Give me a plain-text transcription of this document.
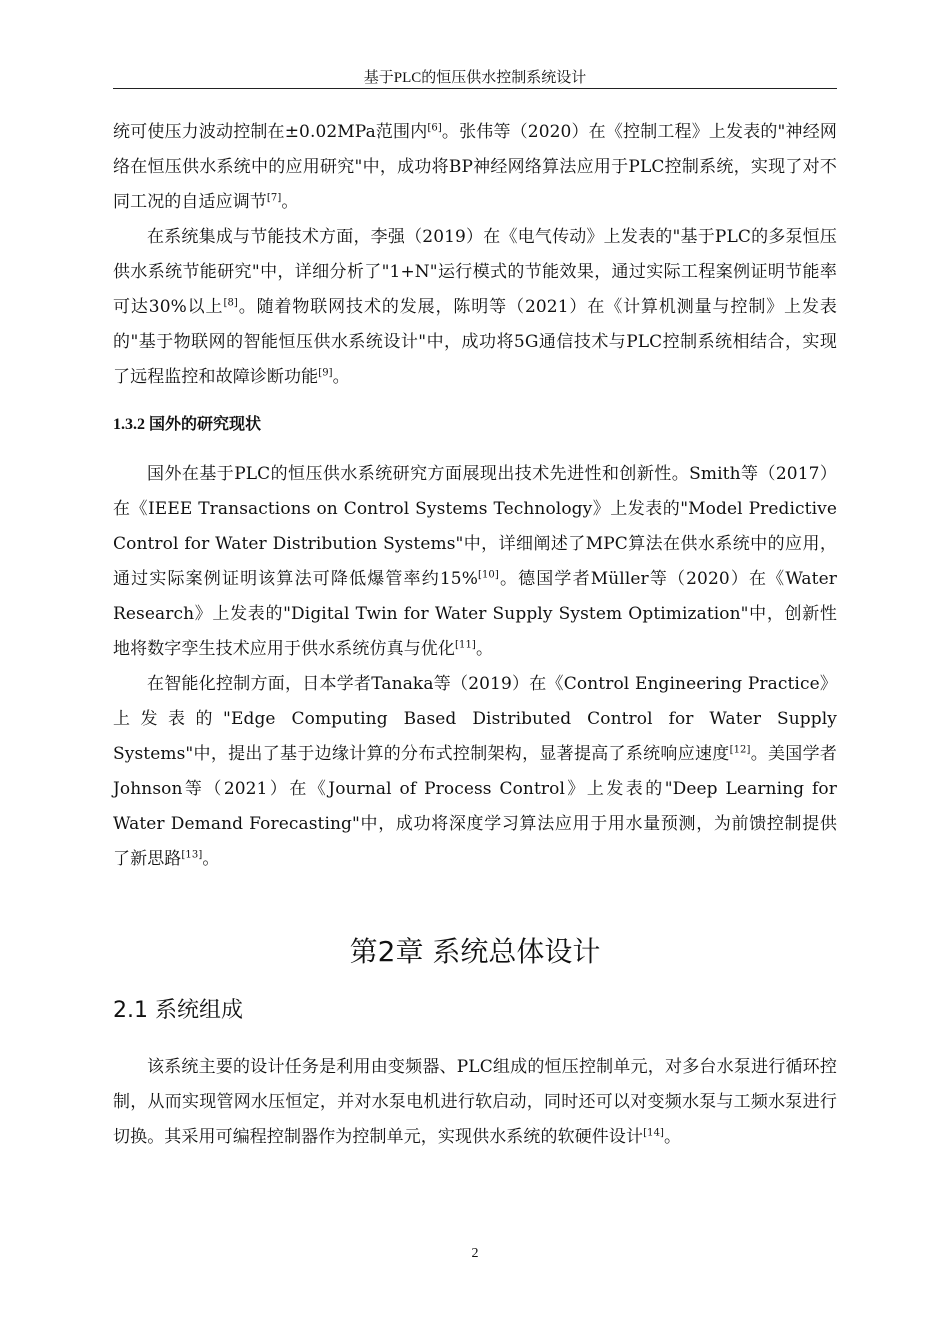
基于PLC的恒压供水控制系统设计

统可使压力波动控制在±0.02MPa范围内[6]。张伟等（2020）在《控制工程》上发表的"神经网络在恒压供水系统中的应用研究"中，成功将BP神经网络算法应用于PLC控制系统，实现了对不同工况的自适应调节[7]。

在系统集成与节能技术方面，李强（2019）在《电气传动》上发表的"基于PLC的多泵恒压供水系统节能研究"中，详细分析了"1+N"运行模式的节能效果，通过实际工程案例证明节能率可达30%以上[8]。随着物联网技术的发展，陈明等（2021）在《计算机测量与控制》上发表的"基于物联网的智能恒压供水系统设计"中，成功将5G通信技术与PLC控制系统相结合，实现了远程监控和故障诊断功能[9]。

1.3.2 国外的研究现状

国外在基于PLC的恒压供水系统研究方面展现出技术先进性和创新性。Smith等（2017）在《IEEE Transactions on Control Systems Technology》上发表的"Model Predictive Control for Water Distribution Systems"中，详细阐述了MPC算法在供水系统中的应用，通过实际案例证明该算法可降低爆管率约15%[10]。德国学者Müller等（2020）在《Water Research》上发表的"Digital Twin for Water Supply System Optimization"中，创新性地将数字孪生技术应用于供水系统仿真与优化[11]。

在智能化控制方面，日本学者Tanaka等（2019）在《Control Engineering Practice》上发表的"Edge Computing Based Distributed Control for Water Supply Systems"中，提出了基于边缘计算的分布式控制架构，显著提高了系统响应速度[12]。美国学者Johnson等（2021）在《Journal of Process Control》上发表的"Deep Learning for Water Demand Forecasting"中，成功将深度学习算法应用于用水量预测，为前馈控制提供了新思路[13]。

第2章 系统总体设计
2.1 系统组成

该系统主要的设计任务是利用由变频器、PLC组成的恒压控制单元，对多台水泵进行循环控制，从而实现管网水压恒定，并对水泵电机进行软启动，同时还可以对变频水泵与工频水泵进行切换。其采用可编程控制器作为控制单元，实现供水系统的软硬件设计[14]。

2
